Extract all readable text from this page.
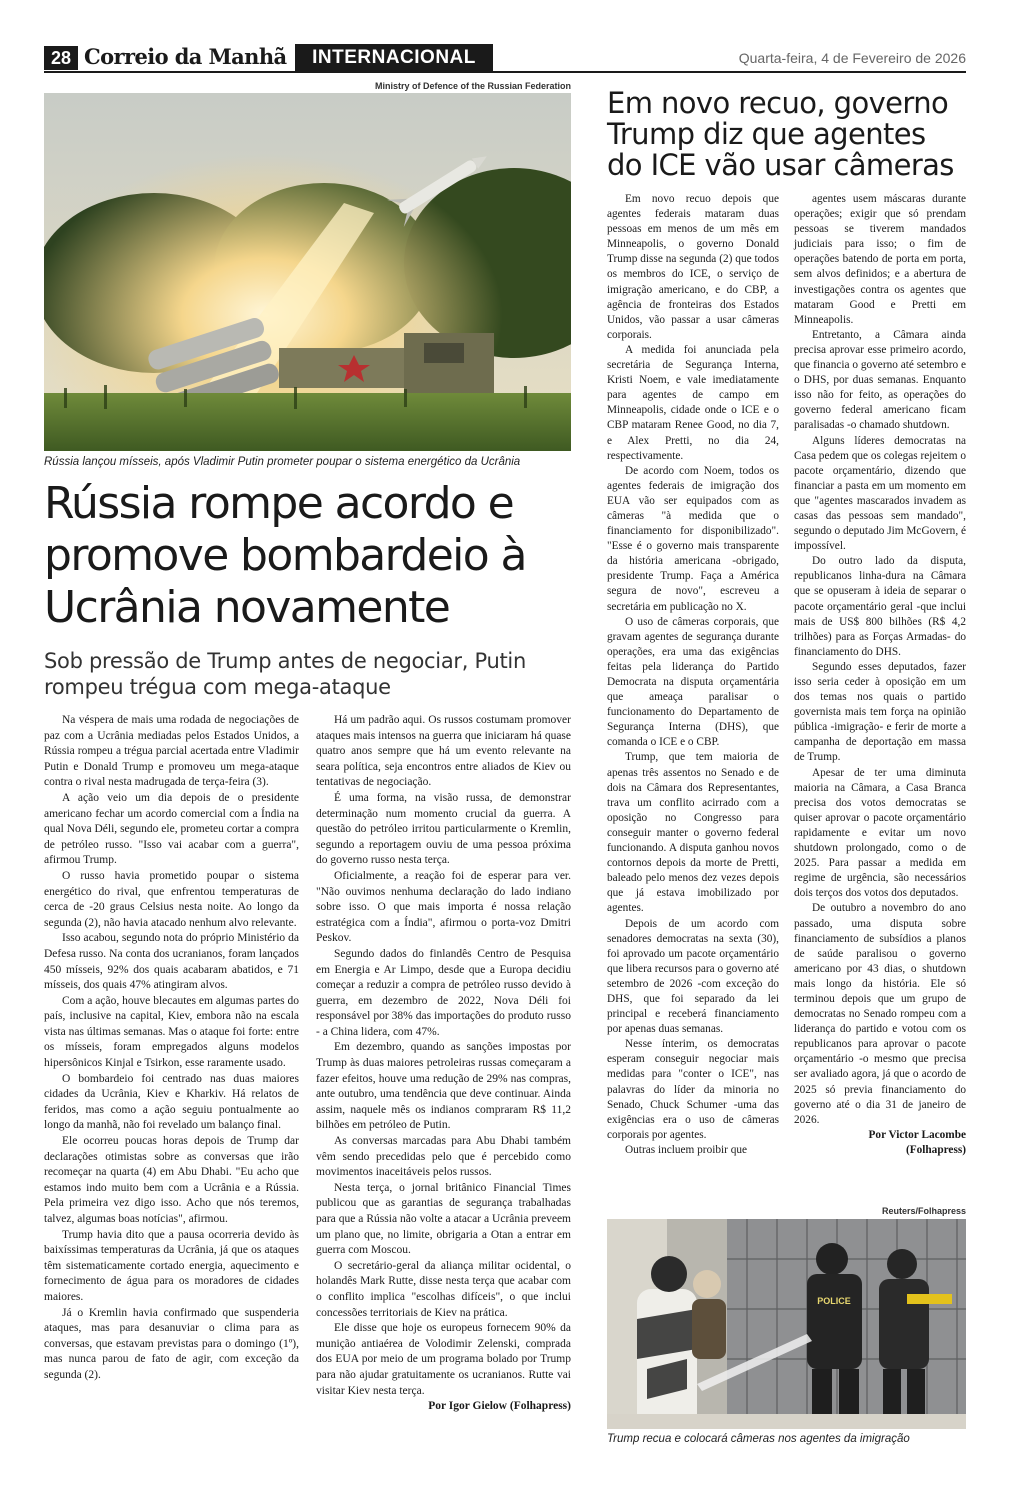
28 Correio da Manhã	INTERNACIONAL	Quarta-feira, 4 de Fevereiro de 2026
Ministry of Defence of the Russian Federation
Rússia lançou mísseis, após Vladimir Putin prometer poupar o sistema energético da Ucrânia
Rússia rompe acordo e promove bombardeio à Ucrânia novamente
Sob pressão de Trump antes de negociar, Putin rompeu trégua com mega-ataque

Na véspera de mais uma rodada de negociações de paz com a Ucrânia mediadas pelos Estados Unidos, a Rússia rompeu a trégua parcial acertada entre Vladimir Putin e Donald Trump e promoveu um mega-ataque contra o rival nesta madrugada de terça-feira (3).

A ação veio um dia depois de o presidente americano fechar um acordo comercial com a Índia na qual Nova Déli, segundo ele, prometeu cortar a compra de petróleo russo. "Isso vai acabar com a guerra", afirmou Trump.

O russo havia prometido poupar o sistema energético do rival, que enfrentou temperaturas de cerca de -20 graus Celsius nesta noite. Ao longo da segunda (2), não havia atacado nenhum alvo relevante.

Isso acabou, segundo nota do próprio Ministério da Defesa russo. Na conta dos ucranianos, foram lançados 450 mísseis, 92% dos quais acabaram abatidos, e 71 mísseis, dos quais 47% atingiram alvos.

Com a ação, houve blecautes em algumas partes do país, inclusive na capital, Kiev, embora não na escala vista nas últimas semanas. Mas o ataque foi forte: entre os mísseis, foram empregados alguns modelos hipersônicos Kinjal e Tsirkon, esse raramente usado.

O bombardeio foi centrado nas duas maiores cidades da Ucrânia, Kiev e Kharkiv. Há relatos de feridos, mas como a ação seguiu pontualmente ao longo da manhã, não foi revelado um balanço final.

Ele ocorreu poucas horas depois de Trump dar declarações otimistas sobre as conversas que irão recomeçar na quarta (4) em Abu Dhabi. "Eu acho que estamos indo muito bem com a Ucrânia e a Rússia. Pela primeira vez digo isso. Acho que nós teremos, talvez, algumas boas notícias", afirmou.

Trump havia dito que a pausa ocorreria devido às baixíssimas temperaturas da Ucrânia, já que os ataques têm sistematicamente cortado energia, aquecimento e fornecimento de água para os moradores de cidades maiores.

Já o Kremlin havia confirmado que suspenderia ataques, mas para desanuviar o clima para as conversas, que estavam previstas para o domingo (1º), mas nunca parou de fato de agir, com exceção da segunda (2).

Há um padrão aqui. Os russos costumam promover ataques mais intensos na guerra que iniciaram há quase quatro anos sempre que há um evento relevante na seara política, seja encontros entre aliados de Kiev ou tentativas de negociação.

É uma forma, na visão russa, de demonstrar determinação num momento crucial da guerra. A questão do petróleo irritou particularmente o Kremlin, segundo a reportagem ouviu de uma pessoa próxima do governo russo nesta terça.

Oficialmente, a reação foi de esperar para ver. "Não ouvimos nenhuma declaração do lado indiano sobre isso. O que mais importa é nossa relação estratégica com a Índia", afirmou o porta-voz Dmitri Peskov.

Segundo dados do finlandês Centro de Pesquisa em Energia e Ar Limpo, desde que a Europa decidiu começar a reduzir a compra de petróleo russo devido à guerra, em dezembro de 2022, Nova Déli foi responsável por 38% das importações do produto russo - a China lidera, com 47%.

Em dezembro, quando as sanções impostas por Trump às duas maiores petroleiras russas começaram a fazer efeitos, houve uma redução de 29% nas compras, ante outubro, uma tendência que deve continuar. Ainda assim, naquele mês os indianos compraram R$ 11,2 bilhões em petróleo de Putin.

As conversas marcadas para Abu Dhabi também vêm sendo precedidas pelo que é percebido como movimentos inaceitáveis pelos russos.

Nesta terça, o jornal britânico Financial Times publicou que as garantias de segurança trabalhadas para que a Rússia não volte a atacar a Ucrânia preveem um plano que, no limite, obrigaria a Otan a entrar em guerra com Moscou.

O secretário-geral da aliança militar ocidental, o holandês Mark Rutte, disse nesta terça que acabar com o conflito implica "escolhas difíceis", o que inclui concessões territoriais de Kiev na prática.

Ele disse que hoje os europeus fornecem 90% da munição antiaérea de Volodimir Zelenski, comprada dos EUA por meio de um programa bolado por Trump para não ajudar gratuitamente os ucranianos. Rutte vai visitar Kiev nesta terça.

Por Igor Gielow (Folhapress)

Em novo recuo, governo Trump diz que agentes do ICE vão usar câmeras

Em novo recuo depois que agentes federais mataram duas pessoas em menos de um mês em Minneapolis, o governo Donald Trump disse na segunda (2) que todos os membros do ICE, o serviço de imigração americano, e do CBP, a agência de fronteiras dos Estados Unidos, vão passar a usar câmeras corporais.

A medida foi anunciada pela secretária de Segurança Interna, Kristi Noem, e vale imediatamente para agentes de campo em Minneapolis, cidade onde o ICE e o CBP mataram Renee Good, no dia 7, e Alex Pretti, no dia 24, respectivamente.

De acordo com Noem, todos os agentes federais de imigração dos EUA vão ser equipados com as câmeras "à medida que o financiamento for disponibilizado". "Esse é o governo mais transparente da história americana -obrigado, presidente Trump. Faça a América segura de novo", escreveu a secretária em publicação no X.

O uso de câmeras corporais, que gravam agentes de segurança durante operações, era uma das exigências feitas pela liderança do Partido Democrata na disputa orçamentária que ameaça paralisar o funcionamento do Departamento de Segurança Interna (DHS), que comanda o ICE e o CBP.

Trump, que tem maioria de apenas três assentos no Senado e de dois na Câmara dos Representantes, trava um conflito acirrado com a oposição no Congresso para conseguir manter o governo federal funcionando. A disputa ganhou novos contornos depois da morte de Pretti, baleado pelo menos dez vezes depois que já estava imobilizado por agentes.

Depois de um acordo com senadores democratas na sexta (30), foi aprovado um pacote orçamentário que libera recursos para o governo até setembro de 2026 -com exceção do DHS, que foi separado da lei principal e receberá financiamento por apenas duas semanas.

Nesse ínterim, os democratas esperam conseguir negociar mais medidas para "conter o ICE", nas palavras do líder da minoria no Senado, Chuck Schumer -uma das exigências era o uso de câmeras corporais por agentes.

Outras incluem proibir que

agentes usem máscaras durante operações; exigir que só prendam pessoas se tiverem mandados judiciais para isso; o fim de operações batendo de porta em porta, sem alvos definidos; e a abertura de investigações contra os agentes que mataram Good e Pretti em Minneapolis.

Entretanto, a Câmara ainda precisa aprovar esse primeiro acordo, que financia o governo até setembro e o DHS, por duas semanas. Enquanto isso não for feito, as operações do governo federal americano ficam paralisadas -o chamado shutdown.

Alguns líderes democratas na Casa pedem que os colegas rejeitem o pacote orçamentário, dizendo que financiar a pasta em um momento em que "agentes mascarados invadem as casas das pessoas sem mandado", segundo o deputado Jim McGovern, é impossível.

Do outro lado da disputa, republicanos linha-dura na Câmara que se opuseram à ideia de separar o pacote orçamentário geral -que inclui mais de US$ 800 bilhões (R$ 4,2 trilhões) para as Forças Armadas- do financiamento do DHS.

Segundo esses deputados, fazer isso seria ceder à oposição em um dos temas nos quais o partido governista mais tem força na opinião pública -imigração- e ferir de morte a campanha de deportação em massa de Trump.

Apesar de ter uma diminuta maioria na Câmara, a Casa Branca precisa dos votos democratas se quiser aprovar o pacote orçamentário rapidamente e evitar um novo shutdown prolongado, como o de 2025. Para passar a medida em regime de urgência, são necessários dois terços dos votos dos deputados.

De outubro a novembro do ano passado, uma disputa sobre financiamento de subsídios a planos de saúde paralisou o governo americano por 43 dias, o shutdown mais longo da história. Ele só terminou depois que um grupo de democratas no Senado rompeu com a liderança do partido e votou com os republicanos para aprovar o pacote orçamentário -o mesmo que precisa ser avaliado agora, já que o acordo de 2025 só previa financiamento do governo até o dia 31 de janeiro de 2026.

Por Victor Lacombe

(Folhapress)

Reuters/Folhapress
POLICE
Trump recua e colocará câmeras nos agentes da imigração
